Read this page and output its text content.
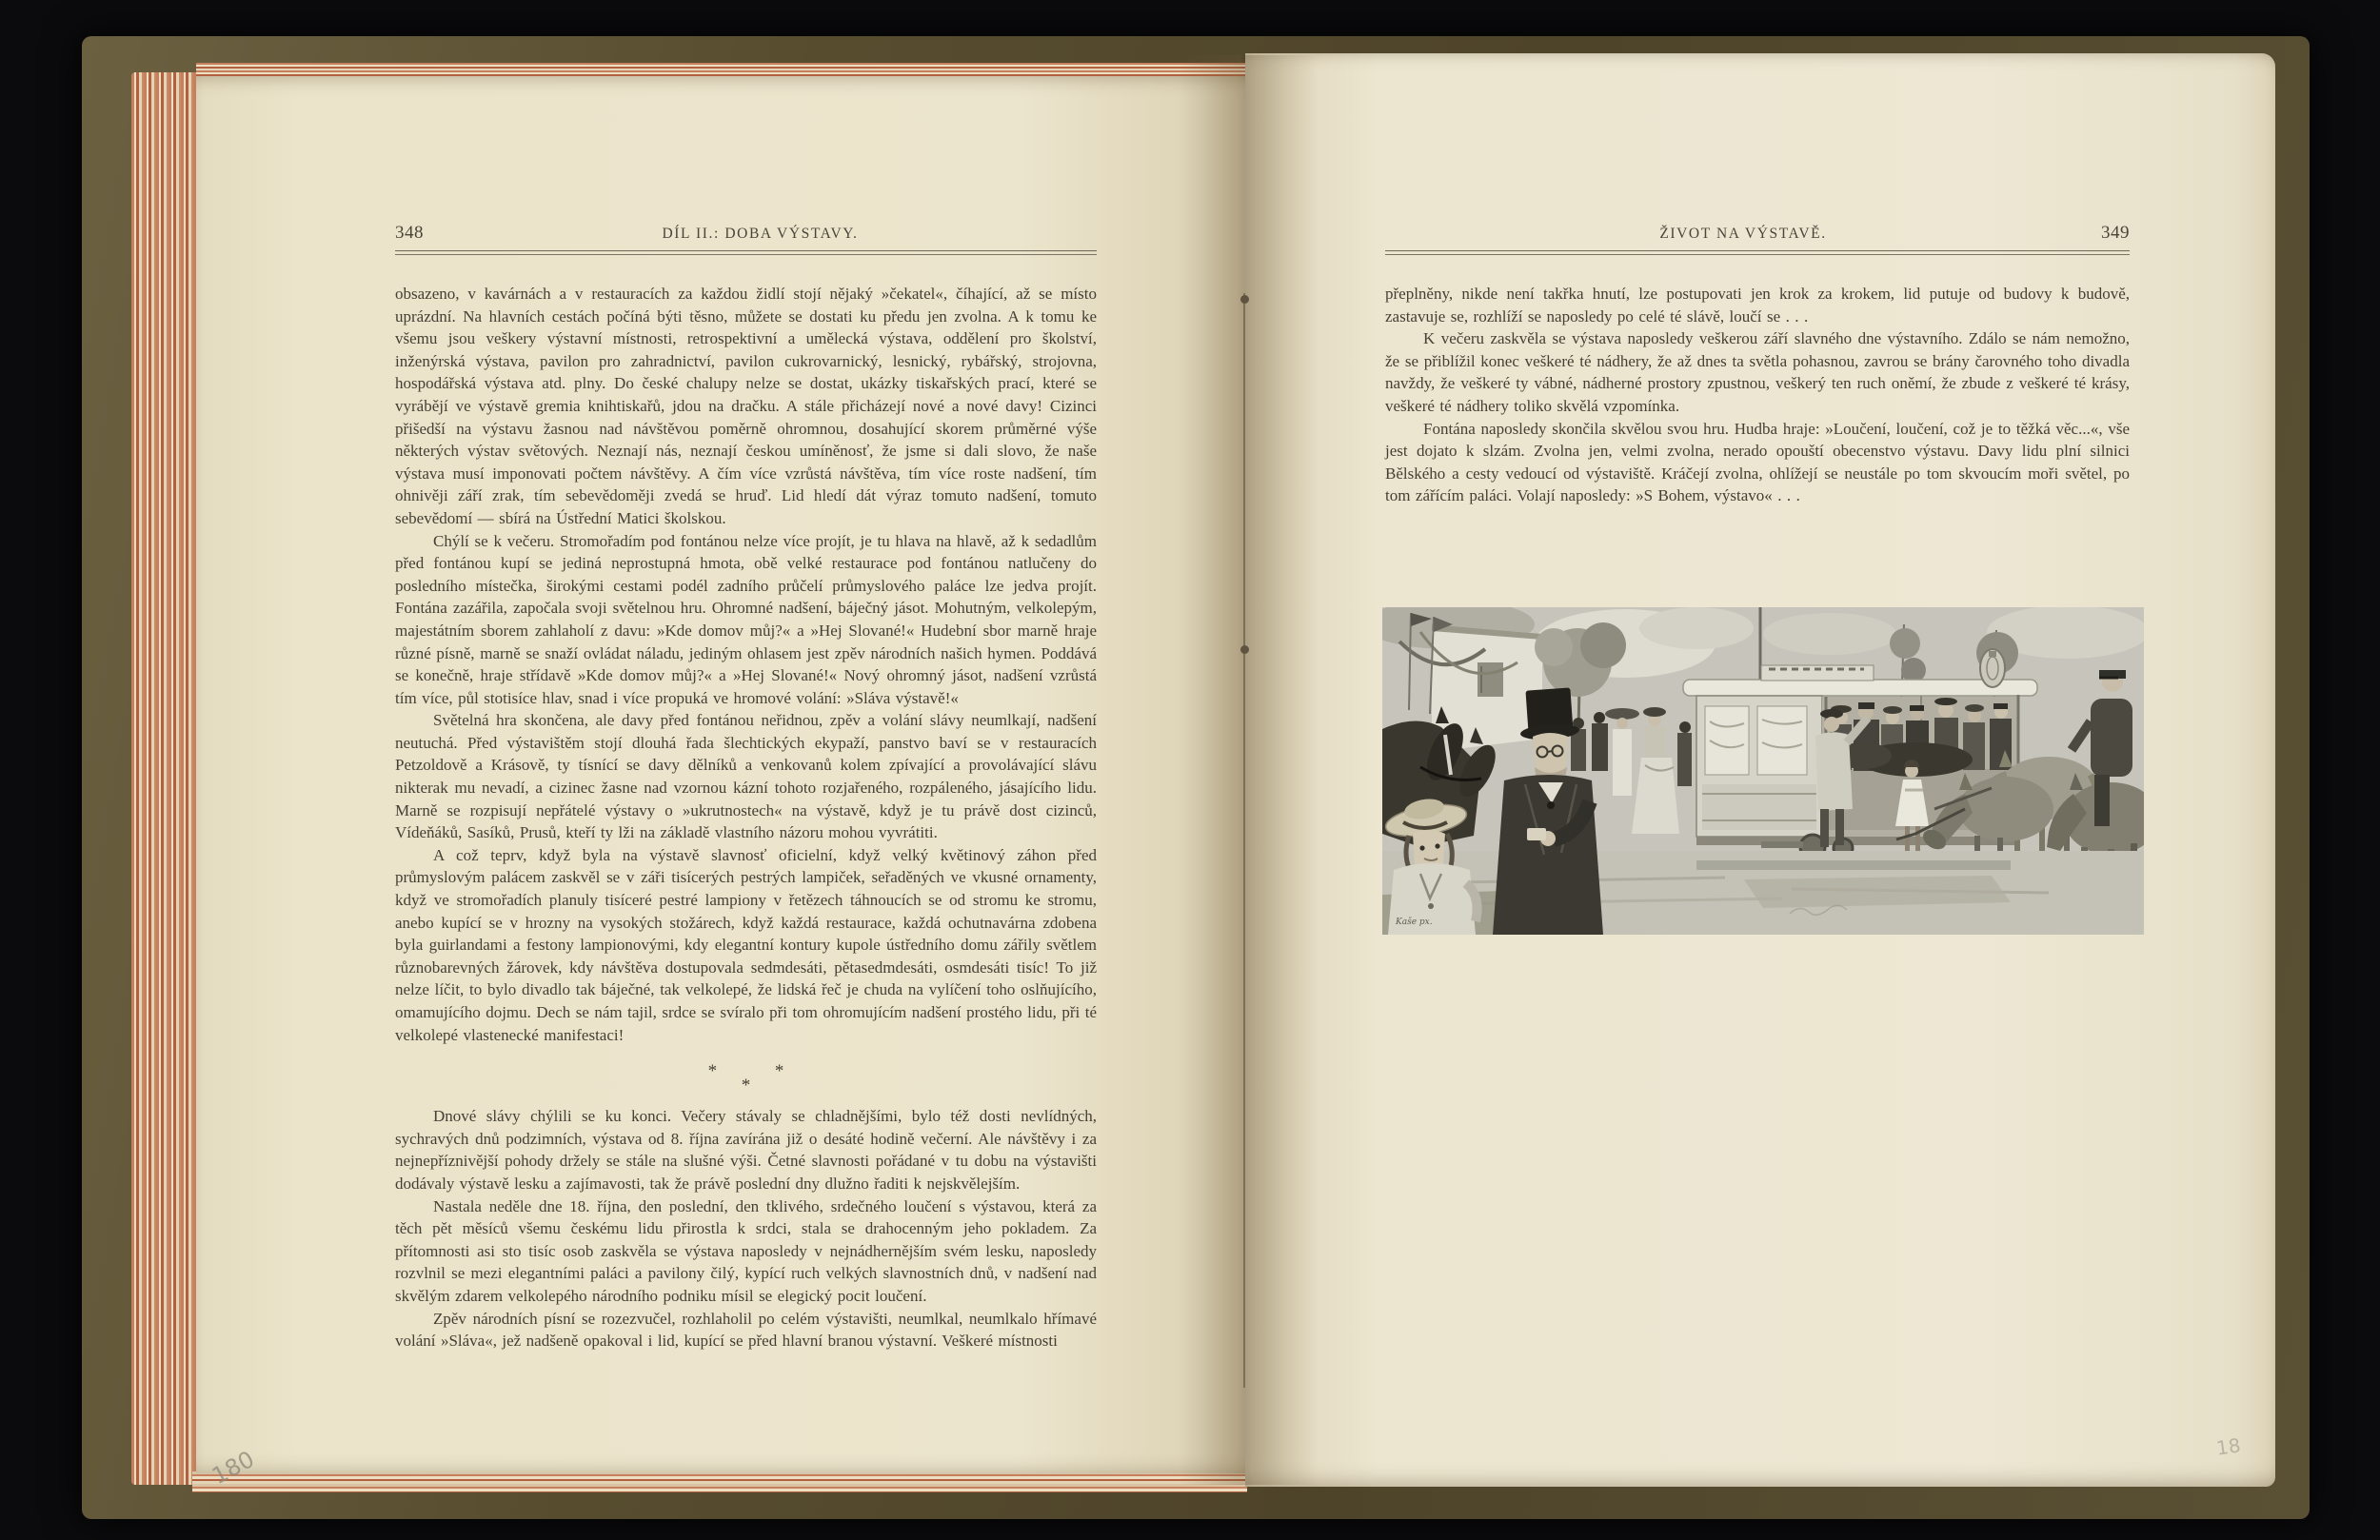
348	DÍL II.: DOBA VÝSTAVY.

obsazeno, v kavárnách a v restauracích za každou židlí stojí nějaký »čekatel«, číhající, až se místo uprázdní. Na hlavních cestách počíná býti těsno, můžete se dostati ku předu jen zvolna. A k tomu ke všemu jsou veškery výstavní místnosti, retrospektivní a umělecká výstava, oddělení pro školství, inženýrská výstava, pavilon pro zahradnictví, pavilon cukrovarnický, lesnický, rybářský, strojovna, hospodářská výstava atd. plny. Do české chalupy nelze se dostat, ukázky tiskařských prací, které se vyrábějí ve výstavě gremia knihtiskařů, jdou na dračku. A stále přicházejí nové a nové davy! Cizinci přišedší na výstavu žasnou nad návštěvou poměrně ohromnou, dosahující skorem průměrné výše některých výstav světových. Neznají nás, neznají českou umíněnosť, že jsme si dali slovo, že naše výstava musí imponovati počtem návštěvy. A čím více vzrůstá návštěva, tím více roste nadšení, tím ohnivěji září zrak, tím sebevědoměji zvedá se hruď. Lid hledí dát výraz tomuto nadšení, tomuto sebevědomí — sbírá na Ústřední Matici školskou.

Chýlí se k večeru. Stromořadím pod fontánou nelze více projít, je tu hlava na hlavě, až k sedadlům před fontánou kupí se jediná neprostupná hmota, obě velké restaurace pod fontánou natlučeny do posledního místečka, širokými cestami podél zadního průčelí průmyslového paláce lze jedva projít. Fontána zazářila, započala svoji světelnou hru. Ohromné nadšení, báječný jásot. Mohutným, velkolepým, majestátním sborem zahlaholí z davu: »Kde domov můj?« a »Hej Slované!« Hudební sbor marně hraje různé písně, marně se snaží ovládat náladu, jediným ohlasem jest zpěv národních našich hymen. Poddává se konečně, hraje střídavě »Kde domov můj?« a »Hej Slované!« Nový ohromný jásot, nadšení vzrůstá tím více, půl stotisíce hlav, snad i více propuká ve hromové volání: »Sláva výstavě!«

Světelná hra skončena, ale davy před fontánou neřidnou, zpěv a volání slávy neumlkají, nadšení neutuchá. Před výstavištěm stojí dlouhá řada šlechtických ekypaží, panstvo baví se v restauracích Petzoldově a Krásově, ty tísnící se davy dělníků a venkovanů kolem zpívající a provolávající slávu nikterak mu nevadí, a cizinec žasne nad vzornou kázní tohoto rozjařeného, rozpáleného, jásajícího lidu. Marně se rozpisují nepřátelé výstavy o »ukrutnostech« na výstavě, když je tu právě dost cizinců, Vídeňáků, Sasíků, Prusů, kteří ty lži na základě vlastního názoru mohou vyvrátiti.

A což teprv, když byla na výstavě slavnosť oficielní, když velký květinový záhon před průmyslovým palácem zaskvěl se v záři tisícerých pestrých lampiček, seřaděných ve vkusné ornamenty, když ve stromořadích planuly tisíceré pestré lampiony v řetězech táhnoucích se od stromu ke stromu, anebo kupící se v hrozny na vysokých stožárech, když každá restaurace, každá ochutnavárna zdobena byla guirlandami a festony lampionovými, kdy elegantní kontury kupole ústředního domu zářily světlem různobarevných žárovek, kdy návštěva dostupovala sedmdesáti, pětasedmdesáti, osmdesáti tisíc! To již nelze líčit, to bylo divadlo tak báječné, tak velkolepé, že lidská řeč je chuda na vylíčení toho oslňujícího, omamujícího dojmu. Dech se nám tajil, srdce se svíralo při tom ohromujícím nadšení prostého lidu, při té velkolepé vlastenecké manifestaci!

* *
*

Dnové slávy chýlili se ku konci. Večery stávaly se chladnějšími, bylo též dosti nevlídných, sychravých dnů podzimních, výstava od 8. října zavírána již o desáté hodině večerní. Ale návštěvy i za nejnepříznivější pohody držely se stále na slušné výši. Četné slavnosti pořádané v tu dobu na výstavišti dodávaly výstavě lesku a zajímavosti, tak že právě poslední dny dlužno řaditi k nejskvělejším.

Nastala neděle dne 18. října, den poslední, den tklivého, srdečného loučení s výstavou, která za těch pět měsíců všemu českému lidu přirostla k srdci, stala se drahocenným jeho pokladem. Za přítomnosti asi sto tisíc osob zaskvěla se výstava naposledy v nejnádhernějším svém lesku, naposledy rozvlnil se mezi elegantními paláci a pavilony čilý, kypící ruch velkých slavnostních dnů, v nadšení nad skvělým zdarem velkolepého národního podniku mísil se elegický pocit loučení.

Zpěv národních písní se rozezvučel, rozhlaholil po celém výstavišti, neumlkal, neumlkalo hřímavé volání »Sláva«, jež nadšeně opakoval i lid, kupící se před hlavní branou výstavní. Veškeré místnosti

180
ŽIVOT NA VÝSTAVĚ.	349

přeplněny, nikde není takřka hnutí, lze postupovati jen krok za krokem, lid putuje od budovy k budově, zastavuje se, rozhlíží se naposledy po celé té slávě, loučí se . . .

K večeru zaskvěla se výstava naposledy veškerou září slavného dne výstavního. Zdálo se nám nemožno, že se přiblížil konec veškeré té nádhery, že až dnes ta světla pohasnou, zavrou se brány čarovného toho divadla navždy, že veškeré ty vábné, nádherné prostory zpustnou, veškerý ten ruch oněmí, že zbude z veškeré té krásy, veškeré té nádhery toliko skvělá vzpomínka.

Fontána naposledy skončila skvělou svou hru. Hudba hraje: »Loučení, loučení, což je to těžká věc...«, vše jest dojato k slzám. Zvolna jen, velmi zvolna, nerado opouští obecenstvo výstavu. Davy lidu plní silnici Bělského a cesty vedoucí od výstaviště. Kráčejí zvolna, ohlížejí se neustále po tom skvoucím moři světel, po tom zářícím paláci. Volají naposledy: »S Bohem, výstavo« . . .

18
Kaše pх.
